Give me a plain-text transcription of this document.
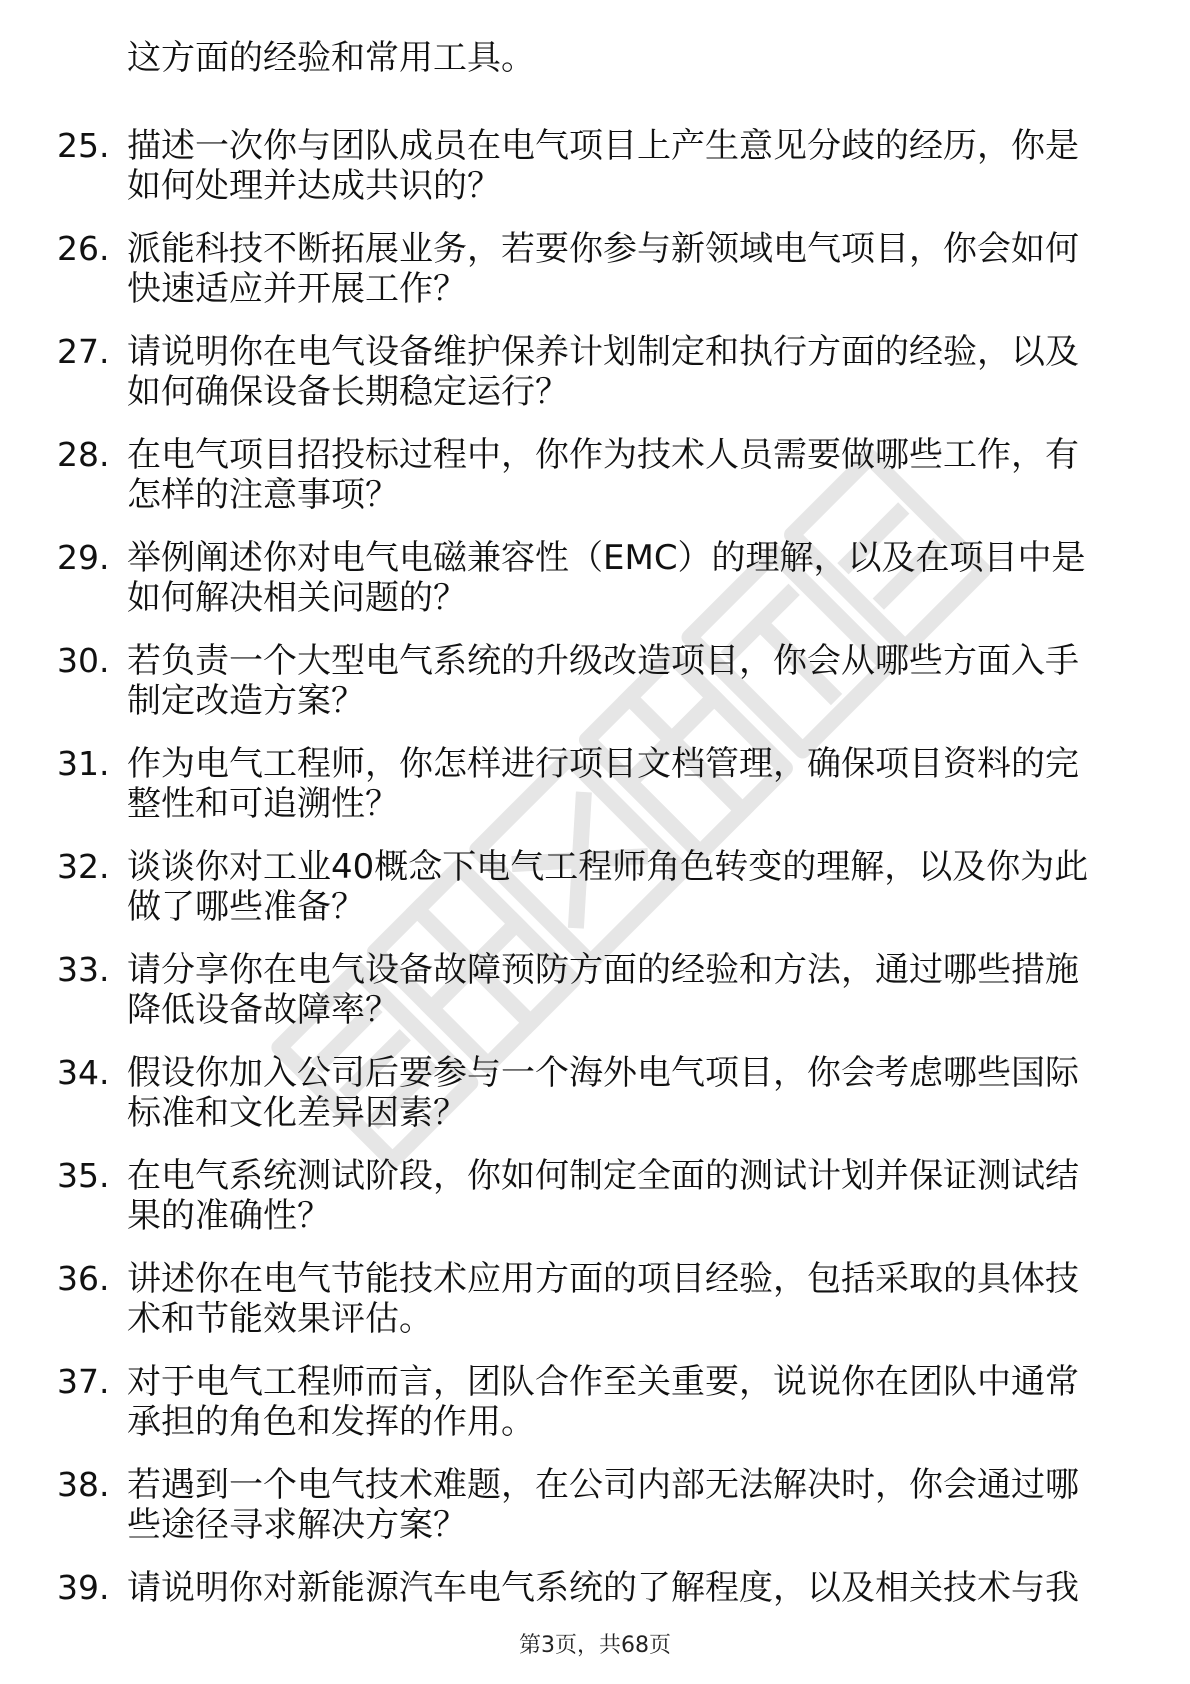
这方面的经验和常用工具。
25. 描述一次你与团队成员在电气项目上产生意见分歧的经历，你是
如何处理并达成共识的？
26. 派能科技不断拓展业务，若要你参与新领域电气项目，你会如何
快速适应并开展工作？
27. 请说明你在电气设备维护保养计划制定和执行方面的经验，以及
如何确保设备长期稳定运行？
28. 在电气项目招投标过程中，你作为技术人员需要做哪些工作，有
怎样的注意事项？
29. 举例阐述你对电气电磁兼容性（EMC）的理解，以及在项目中是
如何解决相关问题的？
30. 若负责一个大型电气系统的升级改造项目，你会从哪些方面入手
制定改造方案？
31. 作为电气工程师，你怎样进行项目文档管理，确保项目资料的完
整性和可追溯性？
32. 谈谈你对工业40概念下电气工程师角色转变的理解，以及你为此
做了哪些准备？
33. 请分享你在电气设备故障预防方面的经验和方法，通过哪些措施
降低设备故障率？
34. 假设你加入公司后要参与一个海外电气项目，你会考虑哪些国际
标准和文化差异因素？
35. 在电气系统测试阶段，你如何制定全面的测试计划并保证测试结
果的准确性？
36. 讲述你在电气节能技术应用方面的项目经验，包括采取的具体技
术和节能效果评估。
37. 对于电气工程师而言，团队合作至关重要，说说你在团队中通常
承担的角色和发挥的作用。
38. 若遇到一个电气技术难题，在公司内部无法解决时，你会通过哪
些途径寻求解决方案？
39. 请说明你对新能源汽车电气系统的了解程度，以及相关技术与我
第3页，共68页
